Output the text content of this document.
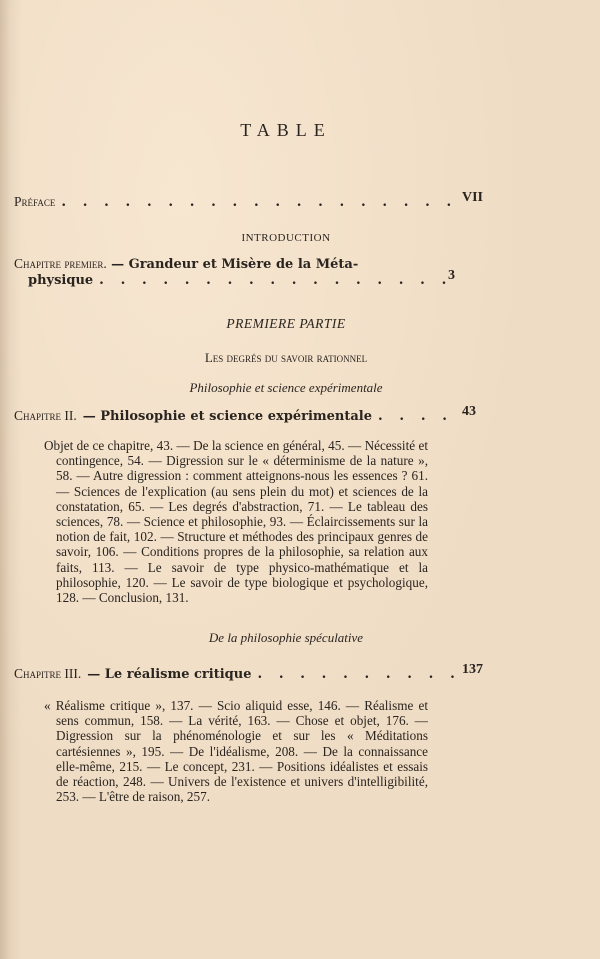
TABLE
Préface . . .	VII
INTRODUCTION
Chapitre premier. — Grandeur et Misère de la Méta-
physique . . .	3
PREMIERE PARTIE
Les degrés du savoir rationnel
Philosophie et science expérimentale
Chapitre II. — Philosophie et science expérimentale . . .	43
Objet de ce chapitre, 43. — De la science en général, 45. — Nécessité et contingence, 54. — Digression sur le « déterminisme de la nature », 58. — Autre digression : comment atteignons-nous les essences ? 61. — Sciences de l'explication (au sens plein du mot) et sciences de la constatation, 65. — Les degrés d'abstraction, 71. — Le tableau des sciences, 78. — Science et philosophie, 93. — Éclaircissements sur la notion de fait, 102. — Structure et méthodes des principaux genres de savoir, 106. — Conditions propres de la philosophie, sa relation aux faits, 113. — Le savoir de type physico-mathématique et la philosophie, 120. — Le savoir de type biologique et psychologique, 128. — Conclusion, 131.
De la philosophie spéculative
Chapitre III. — Le réalisme critique . . .	137
« Réalisme critique », 137. — Scio aliquid esse, 146. — Réalisme et sens commun, 158. — La vérité, 163. — Chose et objet, 176. — Digression sur la phénoménologie et sur les « Méditations cartésiennes », 195. — De l'idéalisme, 208. — De la connaissance elle-même, 215. — Le concept, 231. — Positions idéalistes et essais de réaction, 248. — Univers de l'existence et univers d'intelligibilité, 253. — L'être de raison, 257.
